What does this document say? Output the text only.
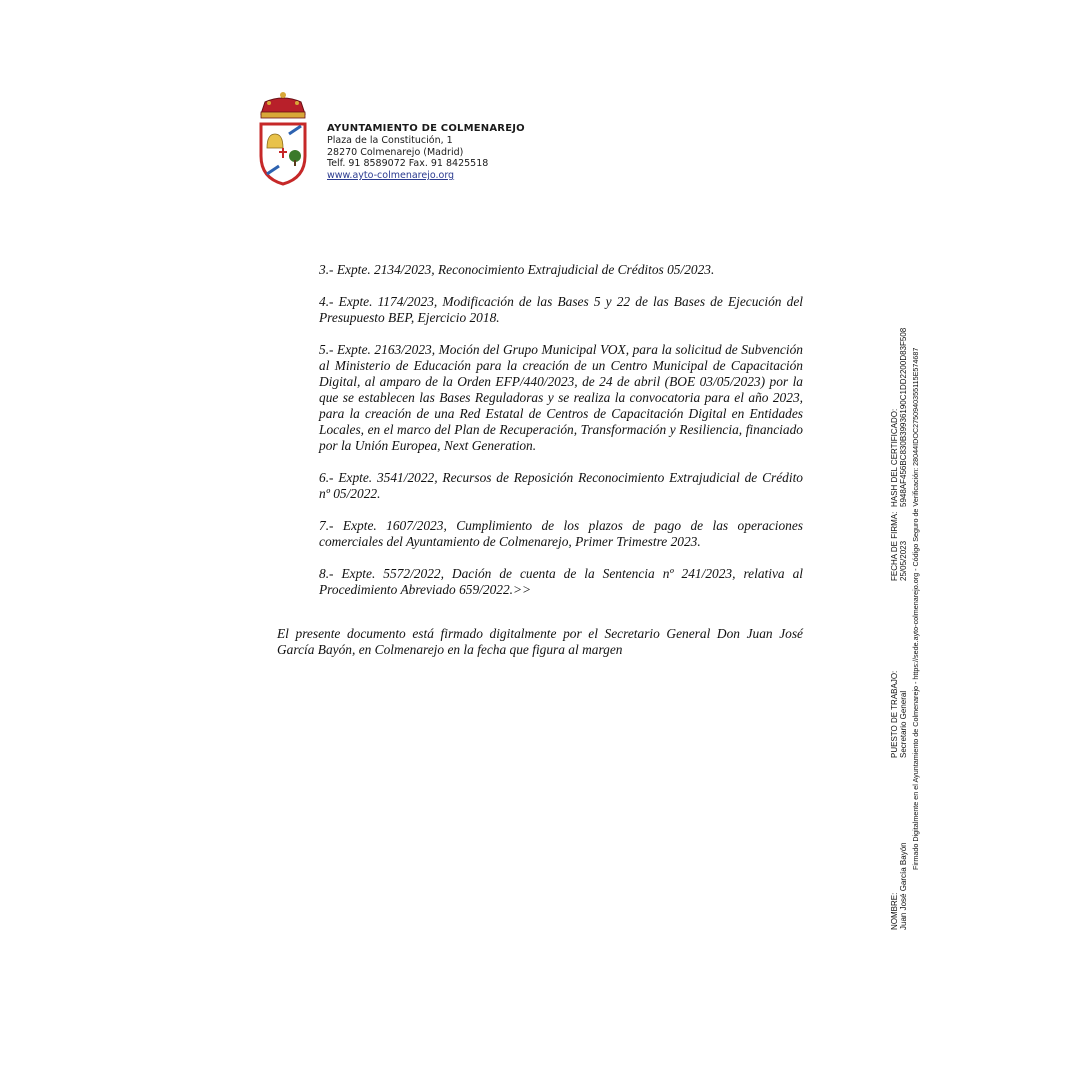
AYUNTAMIENTO DE COLMENAREJO
Plaza de la Constitución, 1
28270 Colmenarejo (Madrid)
Telf. 91 8589072 Fax. 91 8425518
www.ayto-colmenarejo.org

3.- Expte. 2134/2023, Reconocimiento Extrajudicial de Créditos 05/2023.

4.- Expte. 1174/2023, Modificación de las Bases 5 y 22 de las Bases de Ejecución del Presupuesto BEP, Ejercicio 2018.

5.- Expte. 2163/2023, Moción del Grupo Municipal VOX, para la solicitud de Subvención al Ministerio de Educación para la creación de un Centro Municipal de Capacitación Digital, al amparo de la Orden EFP/440/2023, de 24 de abril (BOE 03/05/2023) por la que se establecen las Bases Reguladoras y se realiza la convocatoria para el año 2023, para la creación de una Red Estatal de Centros de Capacitación Digital en Entidades Locales, en el marco del Plan de Recuperación, Transformación y Resiliencia, financiado por la Unión Europea, Next Generation.

6.- Expte. 3541/2022, Recursos de Reposición Reconocimiento Extrajudicial de Crédito nº 05/2022.

7.- Expte. 1607/2023, Cumplimiento de los plazos de pago de las operaciones comerciales del Ayuntamiento de Colmenarejo, Primer Trimestre 2023.

8.- Expte. 5572/2022, Dación de cuenta de la Sentencia nº 241/2023, relativa al Procedimiento Abreviado 659/2022.>>

El presente documento está firmado digitalmente por el Secretario General Don Juan José García Bayón, en Colmenarejo en la fecha que figura al margen
NOMBRE: Juan José García Bayón
PUESTO DE TRABAJO: Secretario General
FECHA DE FIRMA: 25/05/2023
HASH DEL CERTIFICADO: 5948AF456BC830B39936190C1DD2200D83F508 Firmado Digitalmente en el Ayuntamiento de Colmenarejo - https://sede.ayto-colmenarejo.org - Código Seguro de Verificación: 28044IDOC2750940355115E574687
